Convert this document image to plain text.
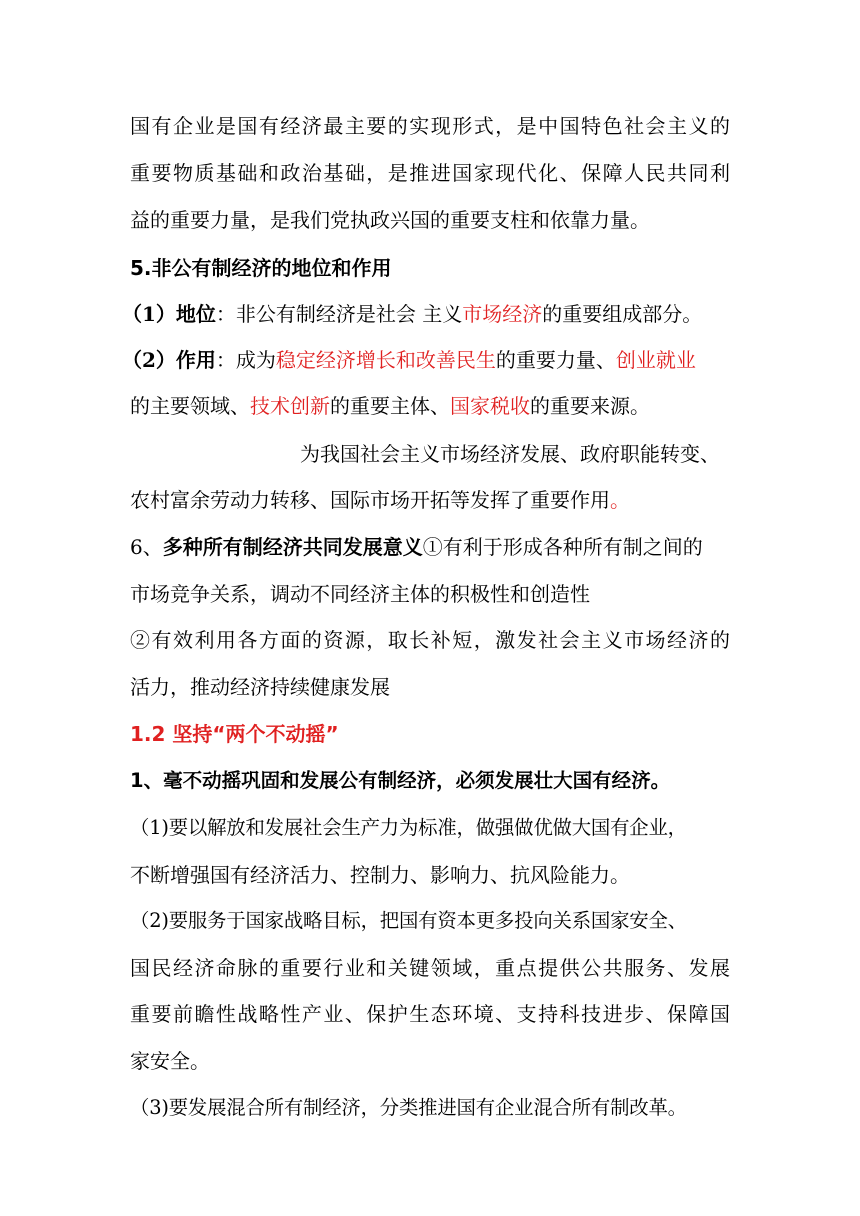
国有企业是国有经济最主要的实现形式，是中国特色社会主义的
重要物质基础和政治基础，是推进国家现代化、保障人民共同利
益的重要力量，是我们党执政兴国的重要支柱和依靠力量。
5.非公有制经济的地位和作用
（1）地位：非公有制经济是社会 主义市场经济的重要组成部分。
（2）作用：成为稳定经济增长和改善民生的重要力量、创业就业
的主要领域、技术创新的重要主体、国家税收的重要来源。
为我国社会主义市场经济发展、政府职能转变、
农村富余劳动力转移、国际市场开拓等发挥了重要作用。
6、多种所有制经济共同发展意义①有利于形成各种所有制之间的
市场竞争关系，调动不同经济主体的积极性和创造性
②有效利用各方面的资源，取长补短，激发社会主义市场经济的
活力，推动经济持续健康发展
1.2 坚持“两个不动摇”
1、毫不动摇巩固和发展公有制经济，必须发展壮大国有经济。
（1)要以解放和发展社会生产力为标准，做强做优做大国有企业，
不断增强国有经济活力、控制力、影响力、抗风险能力。
（2)要服务于国家战略目标，把国有资本更多投向关系国家安全、
国民经济命脉的重要行业和关键领域，重点提供公共服务、发展
重要前瞻性战略性产业、保护生态环境、支持科技进步、保障国
家安全。
（3)要发展混合所有制经济，分类推进国有企业混合所有制改革。
